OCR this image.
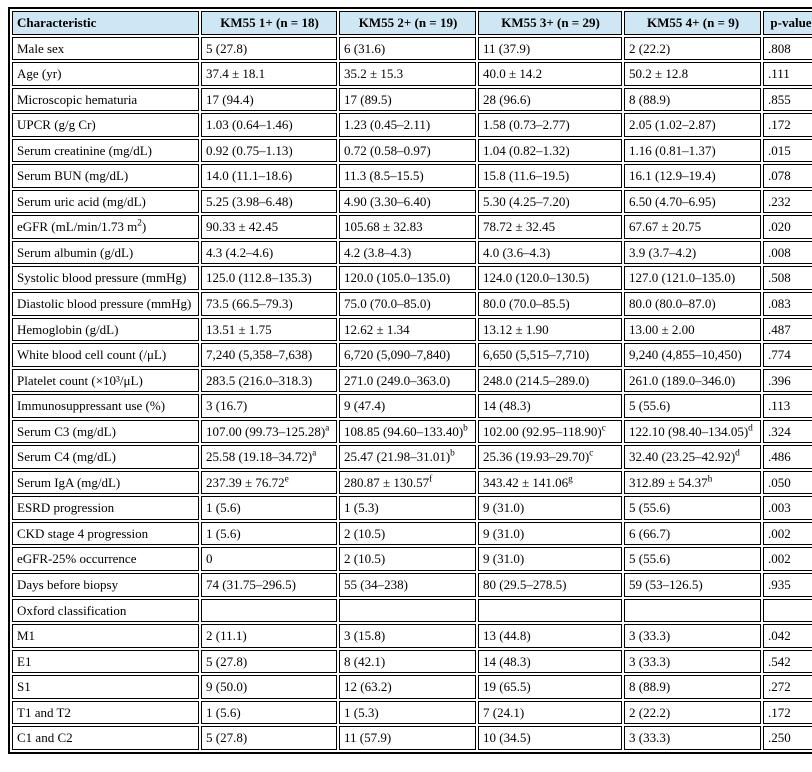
Characteristic	KM55 1+ (n = 18)	KM55 2+ (n = 19)	KM55 3+ (n = 29)	KM55 4+ (n = 9)	p-value
Male sex	5 (27.8)	6 (31.6)	11 (37.9)	2 (22.2)	.808
Age (yr)	37.4 ± 18.1	35.2 ± 15.3	40.0 ± 14.2	50.2 ± 12.8	.111
Microscopic hematuria	17 (94.4)	17 (89.5)	28 (96.6)	8 (88.9)	.855
UPCR (g/g Cr)	1.03 (0.64–1.46)	1.23 (0.45–2.11)	1.58 (0.73–2.77)	2.05 (1.02–2.87)	.172
Serum creatinine (mg/dL)	0.92 (0.75–1.13)	0.72 (0.58–0.97)	1.04 (0.82–1.32)	1.16 (0.81–1.37)	.015
Serum BUN (mg/dL)	14.0 (11.1–18.6)	11.3 (8.5–15.5)	15.8 (11.6–19.5)	16.1 (12.9–19.4)	.078
Serum uric acid (mg/dL)	5.25 (3.98–6.48)	4.90 (3.30–6.40)	5.30 (4.25–7.20)	6.50 (4.70–6.95)	.232
eGFR (mL/min/1.73 $m^2$)	90.33 ± 42.45	105.68 ± 32.83	78.72 ± 32.45	67.67 ± 20.75	.020
Serum albumin (g/dL)	4.3 (4.2–4.6)	4.2 (3.8–4.3)	4.0 (3.6–4.3)	3.9 (3.7–4.2)	.008
Systolic blood pressure (mmHg)	125.0 (112.8–135.3)	120.0 (105.0–135.0)	124.0 (120.0–130.5)	127.0 (121.0–135.0)	.508
Diastolic blood pressure (mmHg)	73.5 (66.5–79.3)	75.0 (70.0–85.0)	80.0 (70.0–85.5)	80.0 (80.0–87.0)	.083
Hemoglobin (g/dL)	13.51 ± 1.75	12.62 ± 1.34	13.12 ± 1.90	13.00 ± 2.00	.487
White blood cell count (/μL)	7,240 (5,358–7,638)	6,720 (5,090–7,840)	6,650 (5,515–7,710)	9,240 (4,855–10,450)	.774
Platelet count (×10³/μL)	283.5 (216.0–318.3)	271.0 (249.0–363.0)	248.0 (214.5–289.0)	261.0 (189.0–346.0)	.396
Immunosuppressant use (%)	3 (16.7)	9 (47.4)	14 (48.3)	5 (55.6)	.113
Serum C3 (mg/dL)	107.00 $(99.73-125.28)^a$	108.85 $(94.60-133.40)^b$	102.00 $(92.95-118.90)^c$	122.10 $(98.40-134.05)^d$	.324
Serum C4 (mg/dL)	25.58 $(19.18-34.72)^a$	25.47 $(21.98-31.01)^b$	25.36 $(19.93-29.70)^c$	32.40 $(23.25-42.92)^d$	.486
Serum IgA (mg/dL)	237.39 ± 76.72$^e$	280.87 ± 130.57$^f$	343.42 ± 141.06$^g$	312.89 ± 54.37$^h$	.050
ESRD progression	1 (5.6)	1 (5.3)	9 (31.0)	5 (55.6)	.003
CKD stage 4 progression	1 (5.6)	2 (10.5)	9 (31.0)	6 (66.7)	.002
eGFR-25% occurrence	0	2 (10.5)	9 (31.0)	5 (55.6)	.002
Days before biopsy	74 (31.75–296.5)	55 (34–238)	80 (29.5–278.5)	59 (53–126.5)	.935
Oxford classification					
M1	2 (11.1)	3 (15.8)	13 (44.8)	3 (33.3)	.042
E1	5 (27.8)	8 (42.1)	14 (48.3)	3 (33.3)	.542
S1	9 (50.0)	12 (63.2)	19 (65.5)	8 (88.9)	.272
T1 and T2	1 (5.6)	1 (5.3)	7 (24.1)	2 (22.2)	.172
C1 and C2	5 (27.8)	11 (57.9)	10 (34.5)	3 (33.3)	.250
